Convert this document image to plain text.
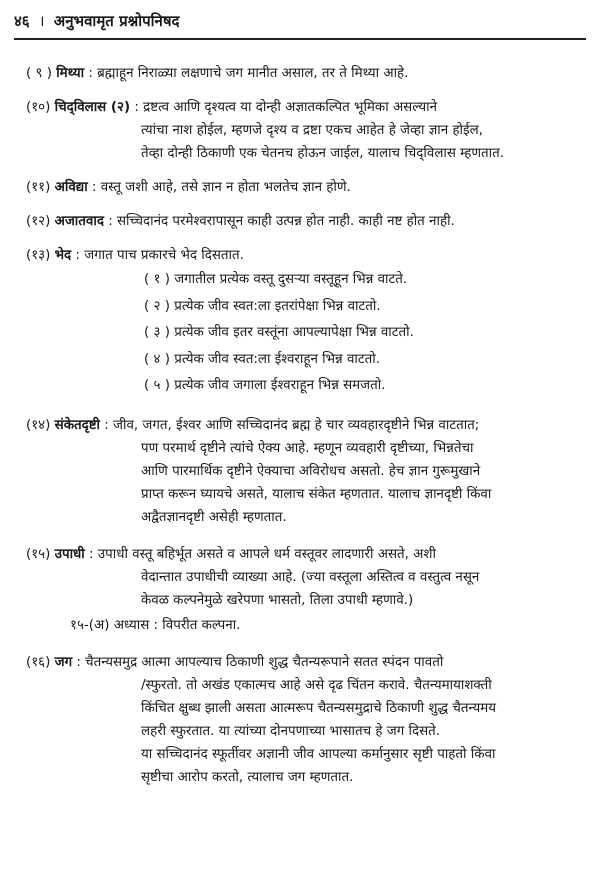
४६ । अनुभवामृत प्रश्नोपनिषद
( ९ ) मिथ्या : ब्रह्माहून निराळ्या लक्षणाचे जग मानीत असाल, तर ते मिथ्या आहे.
(१०) चिद्‌विलास (२) : द्रष्टत्व आणि दृश्यत्व या दोन्ही अज्ञातकल्पित भूमिका असल्याने
त्यांचा नाश होईल, म्हणजे दृश्य व द्रष्टा एकच आहेत हे जेव्हा ज्ञान होईल,
तेव्हा दोन्ही ठिकाणी एक चेतनच होऊन जाईल, यालाच चिद्‌विलास म्हणतात.
(११) अविद्या : वस्तू जशी आहे, तसे ज्ञान न होता भलतेच ज्ञान होणे.
(१२) अजातवाद : सच्चिदानंद परमेश्वरापासून काही उत्पन्न होत नाही. काही नष्ट होत नाही.
(१३) भेद : जगात पाच प्रकारचे भेद दिसतात.
( १ ) जगातील प्रत्येक वस्तू दुसऱ्या वस्तूहून भिन्न वाटते.
( २ ) प्रत्येक जीव स्वत:ला इतरांपेक्षा भिन्न वाटतो.
( ३ ) प्रत्येक जीव इतर वस्तूंना आपल्यापेक्षा भिन्न वाटतो.
( ४ ) प्रत्येक जीव स्वत:ला ईश्वराहून भिन्न वाटतो.
( ५ ) प्रत्येक जीव जगाला ईश्वराहून भिन्न समजतो.
(१४) संकेतदृष्टी : जीव, जगत, ईश्वर आणि सच्चिदानंद ब्रह्म हे चार व्यवहारदृष्टीने भिन्न वाटतात;
पण परमार्थ दृष्टीने त्यांचे ऐक्य आहे. म्हणून व्यवहारी दृष्टीच्या, भिन्नतेचा
आणि पारमार्थिक दृष्टीने ऐक्याचा अविरोधच असतो. हेच ज्ञान गुरूमुखाने
प्राप्त करून घ्यायचे असते, यालाच संकेत म्हणतात. यालाच ज्ञानदृष्टी किंवा
अद्वैतज्ञानदृष्टी असेही म्हणतात.
(१५) उपाधी : उपाधी वस्तू बहिर्भूत असते व आपले धर्म वस्तूवर लादणारी असते, अशी
वेदान्तात उपाधीची व्याख्या आहे. (ज्या वस्तूला अस्तित्व व वस्तुत्व नसून
केवळ कल्पनेमुळे खरेपणा भासतो, तिला उपाधी म्हणावे.)
१५-(अ) अध्यास : विपरीत कल्पना.
(१६) जग : चैतन्यसमुद्र आत्मा आपल्याच ठिकाणी शुद्ध चैतन्यरूपाने सतत स्पंदन पावतो
/स्फुरतो. तो अखंड एकात्मच आहे असे दृढ चिंतन करावे. चैतन्यमायाशक्ती
किंचित क्षुब्ध झाली असता आत्मरूप चैतन्यसमुद्राचे ठिकाणी शुद्ध चैतन्यमय
लहरी स्फुरतात. या त्यांच्या दोनपणाच्या भासातच हे जग दिसते.
या सच्चिदानंद स्फूर्तीवर अज्ञानी जीव आपल्या कर्मानुसार सृष्टी पाहतो किंवा
सृष्टीचा आरोप करतो, त्यालाच जग म्हणतात.
